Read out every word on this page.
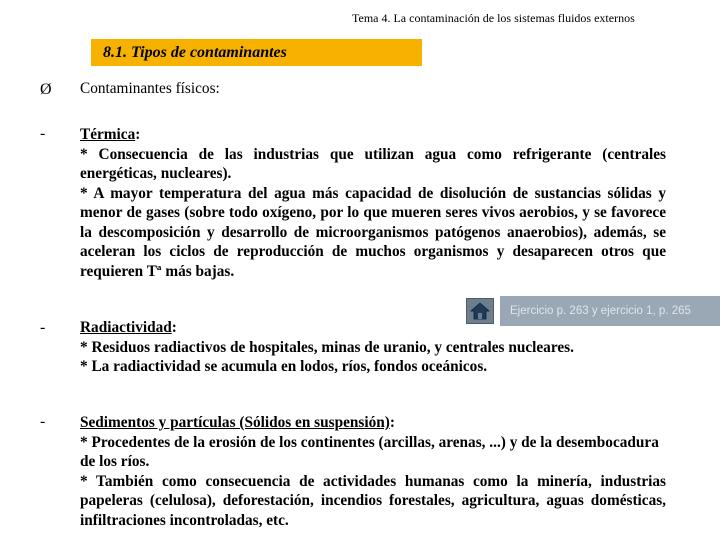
Tema 4. La contaminación de los sistemas fluidos externos
8.1. Tipos de contaminantes
Ø Contaminantes físicos:
- Térmica:
* Consecuencia de las industrias que utilizan agua como refrigerante (centrales energéticas, nucleares).
* A mayor temperatura del agua más capacidad de disolución de sustancias sólidas y menor de gases (sobre todo oxígeno, por lo que mueren seres vivos aerobios, y se favorece la descomposición y desarrollo de microorganismos patógenos anaerobios), además, se aceleran los ciclos de reproducción de muchos organismos y desaparecen otros que requieren Tª más bajas.
Ejercicio p. 263 y ejercicio 1, p. 265
- Radiactividad:
* Residuos radiactivos de hospitales, minas de uranio, y centrales nucleares.
* La radiactividad se acumula en lodos, ríos, fondos oceánicos.
- Sedimentos y partículas (Sólidos en suspensión):
* Procedentes de la erosión de los continentes (arcillas, arenas, ...) y de la desembocadura de los ríos.
* También como consecuencia de actividades humanas como la minería, industrias papeleras (celulosa), deforestación, incendios forestales, agricultura, aguas domésticas, infiltraciones incontroladas, etc.
